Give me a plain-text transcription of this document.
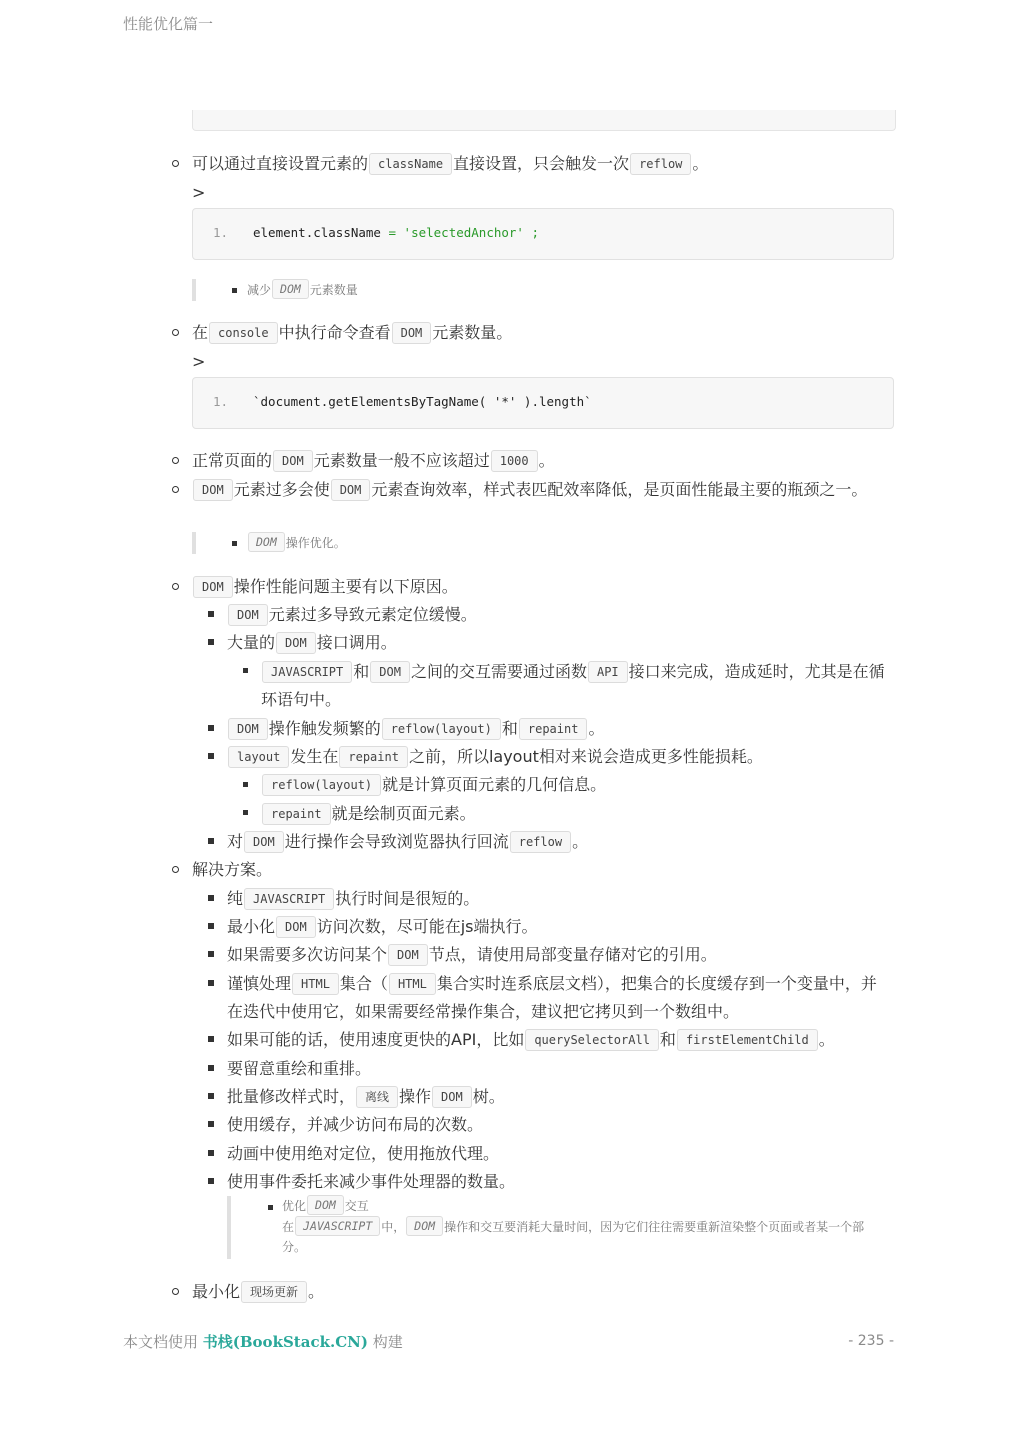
性能优化篇一
可以通过直接设置元素的 className 直接设置，只会触发一次 reflow 。
>
1. element.className = 'selectedAnchor' ;
减少 DOM 元素数量
在 console 中执行命令查看 DOM 元素数量。
>
1. `document.getElementsByTagName( '*' ).length`
正常页面的 DOM 元素数量一般不应该超过 1000 。
DOM 元素过多会使 DOM 元素查询效率，样式表匹配效率降低，是页面性能最主要的瓶颈之一。
DOM 操作优化。
DOM 操作性能问题主要有以下原因。
DOM 元素过多导致元素定位缓慢。
大量的 DOM 接口调用。
JAVASCRIPT 和 DOM 之间的交互需要通过函数 API 接口来完成，造成延时，尤其是在循环语句中。
DOM 操作触发频繁的 reflow(layout) 和 repaint 。
layout 发生在 repaint 之前，所以layout相对来说会造成更多性能损耗。
reflow(layout) 就是计算页面元素的几何信息。
repaint 就是绘制页面元素。
对 DOM 进行操作会导致浏览器执行回流 reflow 。
解决方案。
纯 JAVASCRIPT 执行时间是很短的。
最小化 DOM 访问次数，尽可能在js端执行。
如果需要多次访问某个 DOM 节点，请使用局部变量存储对它的引用。
谨慎处理 HTML 集合（ HTML 集合实时连系底层文档），把集合的长度缓存到一个变量中，并在迭代中使用它，如果需要经常操作集合，建议把它拷贝到一个数组中。
如果可能的话，使用速度更快的API，比如 querySelectorAll 和 firstElementChild 。
要留意重绘和重排。
批量修改样式时， 离线 操作 DOM 树。
使用缓存，并减少访问布局的次数。
动画中使用绝对定位，使用拖放代理。
使用事件委托来减少事件处理器的数量。
优化 DOM 交互
在 JAVASCRIPT 中， DOM 操作和交互要消耗大量时间，因为它们往往需要重新渲染整个页面或者某一个部分。
最小化 现场更新 。
本文档使用 书栈(BookStack.CN) 构建	- 235 -
